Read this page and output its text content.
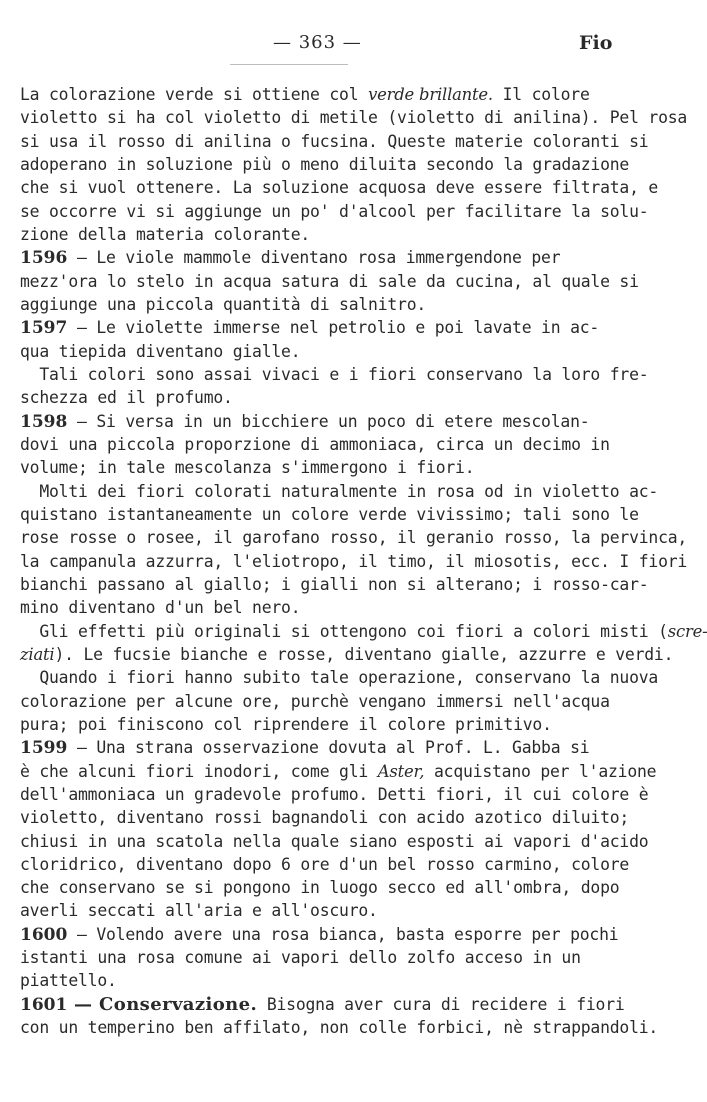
— 363 —	Fio
La colorazione verde si ottiene col verde brillante. Il colore
violetto si ha col violetto di metile (violetto di anilina). Pel rosa
si usa il rosso di anilina o fucsina. Queste materie coloranti si
adoperano in soluzione più o meno diluita secondo la gradazione
che si vuol ottenere. La soluzione acquosa deve essere filtrata, e
se occorre vi si aggiunge un po' d'alcool per facilitare la solu-
zione della materia colorante.
1596 — Le viole mammole diventano rosa immergendone per
mezz'ora lo stelo in acqua satura di sale da cucina, al quale si
aggiunge una piccola quantità di salnitro.
1597 — Le violette immerse nel petrolio e poi lavate in ac-
qua tiepida diventano gialle.
Tali colori sono assai vivaci e i fiori conservano la loro fre-
schezza ed il profumo.
1598 — Si versa in un bicchiere un poco di etere mescolan-
dovi una piccola proporzione di ammoniaca, circa un decimo in
volume; in tale mescolanza s'immergono i fiori.
Molti dei fiori colorati naturalmente in rosa od in violetto ac-
quistano istantaneamente un colore verde vivissimo; tali sono le
rose rosse o rosee, il garofano rosso, il geranio rosso, la pervinca,
la campanula azzurra, l'eliotropo, il timo, il miosotis, ecc. I fiori
bianchi passano al giallo; i gialli non si alterano; i rosso-car-
mino diventano d'un bel nero.
Gli effetti più originali si ottengono coi fiori a colori misti (scre-
ziati). Le fucsie bianche e rosse, diventano gialle, azzurre e verdi.
Quando i fiori hanno subito tale operazione, conservano la nuova
colorazione per alcune ore, purchè vengano immersi nell'acqua
pura; poi finiscono col riprendere il colore primitivo.
1599 — Una strana osservazione dovuta al Prof. L. Gabba si
è che alcuni fiori inodori, come gli Aster, acquistano per l'azione
dell'ammoniaca un gradevole profumo. Detti fiori, il cui colore è
violetto, diventano rossi bagnandoli con acido azotico diluito;
chiusi in una scatola nella quale siano esposti ai vapori d'acido
cloridrico, diventano dopo 6 ore d'un bel rosso carmino, colore
che conservano se si pongono in luogo secco ed all'ombra, dopo
averli seccati all'aria e all'oscuro.
1600 — Volendo avere una rosa bianca, basta esporre per pochi
istanti una rosa comune ai vapori dello zolfo acceso in un
piattello.
1601 — Conservazione. Bisogna aver cura di recidere i fiori
con un temperino ben affilato, non colle forbici, nè strappandoli.
